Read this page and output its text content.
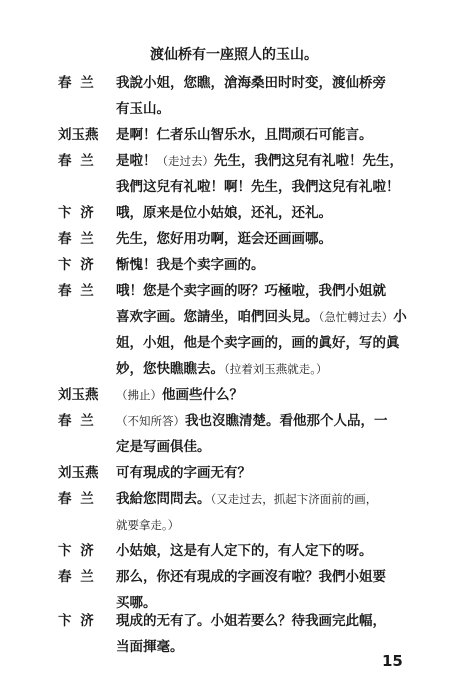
渡仙桥有一座照人的玉山。
春 兰 我說小姐，您瞧，滄海桑田时时变，渡仙桥旁
有玉山。
刘玉燕 是啊！仁者乐山智乐水，且問顽石可能言。
春 兰 是啦！（走过去）先生，我們这兒有礼啦！先生，
我們这兒有礼啦！啊！先生，我們这兒有礼啦！
卞 济 哦，原来是位小姑娘，还礼，还礼。
春 兰 先生，您好用功啊，逛会还画画哪。
卞 济 惭愧！我是个卖字画的。
春 兰 哦！您是个卖字画的呀？巧極啦，我們小姐就
喜欢字画。您請坐，咱們回头見。（急忙轉过去）小
姐，小姐，他是个卖字画的，画的眞好，写的眞
妙，您快瞧瞧去。（拉着刘玉燕就走。）
刘玉燕 （拂止）他画些什么？
春 兰 （不知所答）我也沒瞧清楚。看他那个人品，一
定是写画俱佳。
刘玉燕 可有現成的字画无有？
春 兰 我給您問問去。（又走过去，抓起卞济面前的画，
就要拿走。）
卞 济 小姑娘，这是有人定下的，有人定下的呀。
春 兰 那么，你还有現成的字画沒有啦？我們小姐要
买哪。
卞 济 現成的无有了。小姐若要么？待我画完此幅，
当面揮毫。
15
